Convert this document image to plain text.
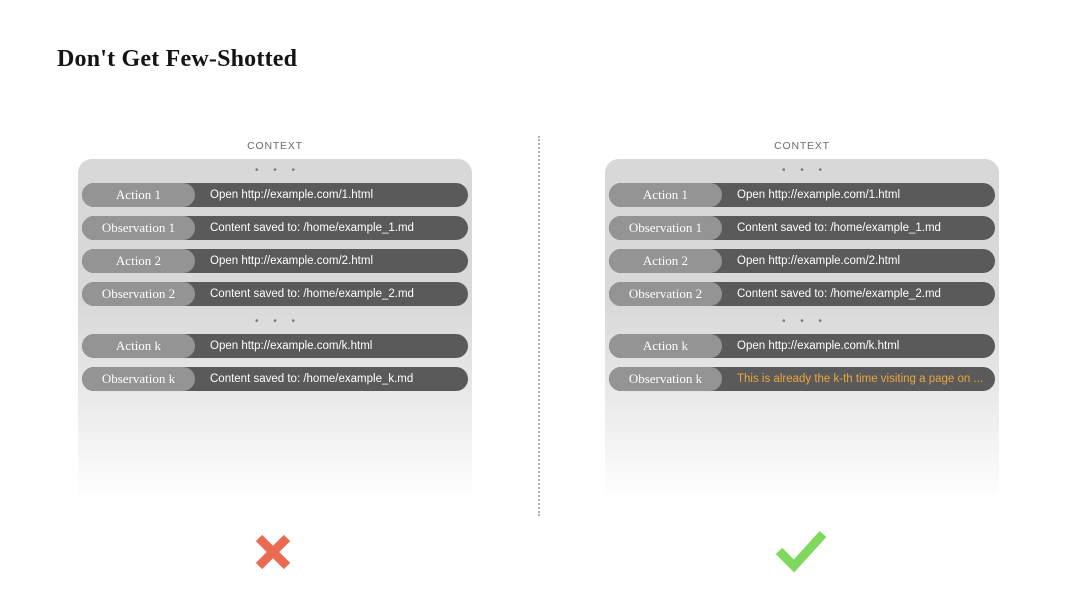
Don't Get Few-Shotted
CONTEXT
• • •
Action 1	Open http://example.com/1.html
Observation 1	Content saved to: /home/example_1.md
Action 2	Open http://example.com/2.html
Observation 2	Content saved to: /home/example_2.md
• • •
Action k	Open http://example.com/k.html
Observation k	Content saved to: /home/example_k.md
CONTEXT
• • •
Action 1	Open http://example.com/1.html
Observation 1	Content saved to: /home/example_1.md
Action 2	Open http://example.com/2.html
Observation 2	Content saved to: /home/example_2.md
• • •
Action k	Open http://example.com/k.html
Observation k	This is already the k-th time visiting a page on ...
